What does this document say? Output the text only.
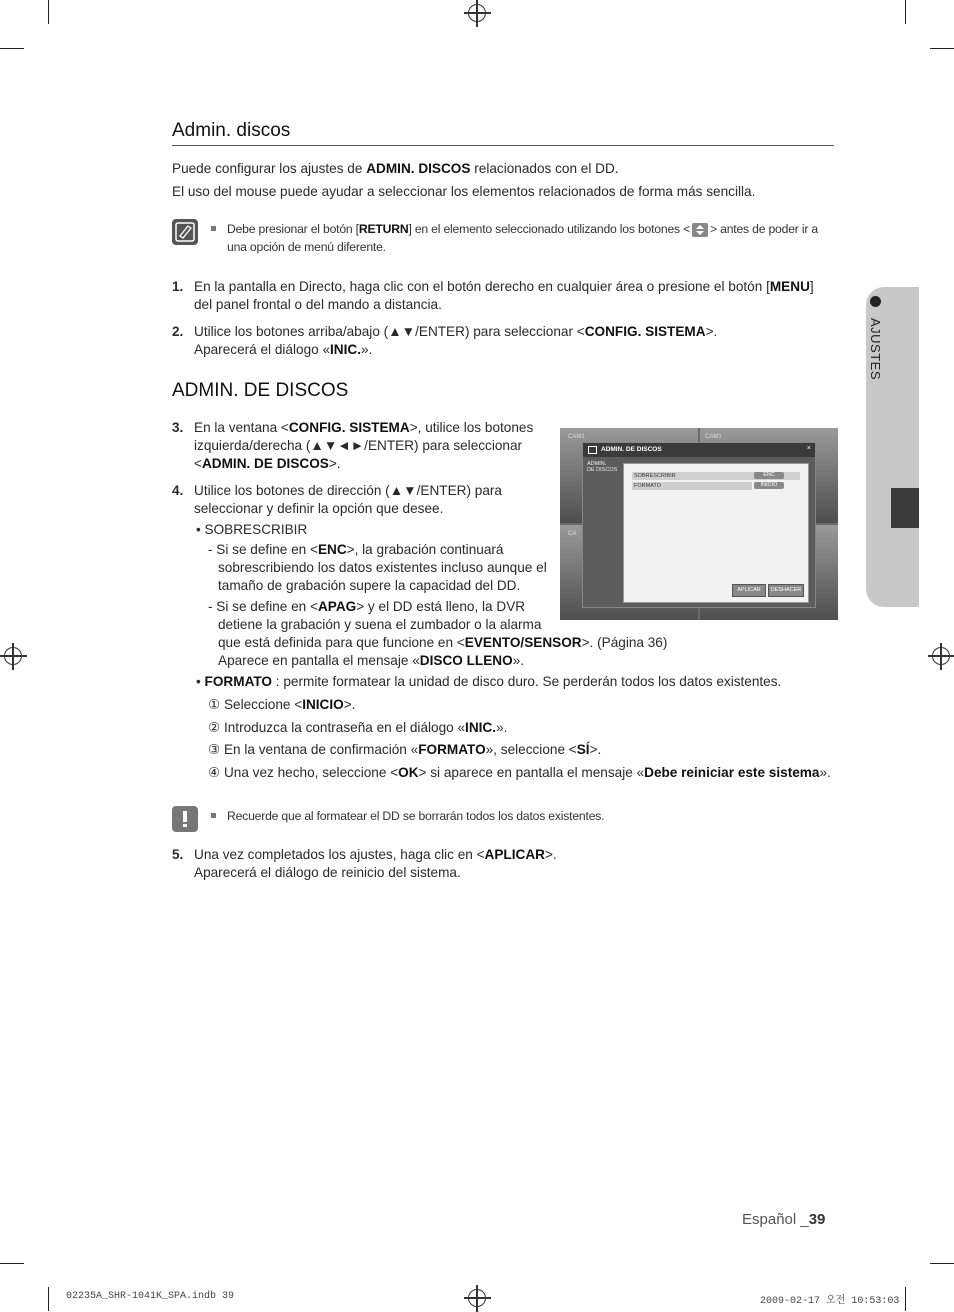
AJUSTES
Admin. discos
Puede configurar los ajustes de ADMIN. DISCOS relacionados con el DD.
El uso del mouse puede ayudar a seleccionar los elementos relacionados de forma más sencilla.
Debe presionar el botón [RETURN] en el elemento seleccionado utilizando los botones < > antes de poder ir a
una opción de menú diferente.
1. En la pantalla en Directo, haga clic con el botón derecho en cualquier área o presione el botón [MENU]
del panel frontal o del mando a distancia.
2. Utilice los botones arriba/abajo (▲▼/ENTER) para seleccionar <CONFIG. SISTEMA>.
Aparecerá el diálogo «INIC.».
ADMIN. DE DISCOS
3. En la ventana <CONFIG. SISTEMA>, utilice los botones
izquierda/derecha (▲▼◄►/ENTER) para seleccionar
<ADMIN. DE DISCOS>.
4. Utilice los botones de dirección (▲▼/ENTER) para
seleccionar y definir la opción que desee.
• SOBRESCRIBIR
- Si se define en <ENC>, la grabación continuará
sobrescribiendo los datos existentes incluso aunque el
tamaño de grabación supere la capacidad del DD.
- Si se define en <APAG> y el DD está lleno, la DVR
detiene la grabación y suena el zumbador o la alarma
que está definida para que funcione en <EVENTO/SENSOR>. (Página 36)
Aparece en pantalla el mensaje «DISCO LLENO».
• FORMATO : permite formatear la unidad de disco duro. Se perderán todos los datos existentes.
① Seleccione <INICIO>.
② Introduzca la contraseña en el diálogo «INIC.».
③ En la ventana de confirmación «FORMATO», seleccione <SÍ>.
④ Una vez hecho, seleccione <OK> si aparece en pantalla el mensaje «Debe reiniciar este sistema».
Recuerde que al formatear el DD se borrarán todos los datos existentes.
5. Una vez completados los ajustes, haga clic en <APLICAR>.
Aparecerá el diálogo de reinicio del sistema.
CAM1	CAM1
CA
ADMIN. DE DISCOS	×
ADMIN.
DE DISCOS
SOBRESCRIBIR	ENC
FORMATO	INICIO
APLICAR	DESHACER
Español _39
02235A_SHR-1041K_SPA.indb 39	2009-02-17 오전 10:53:03
